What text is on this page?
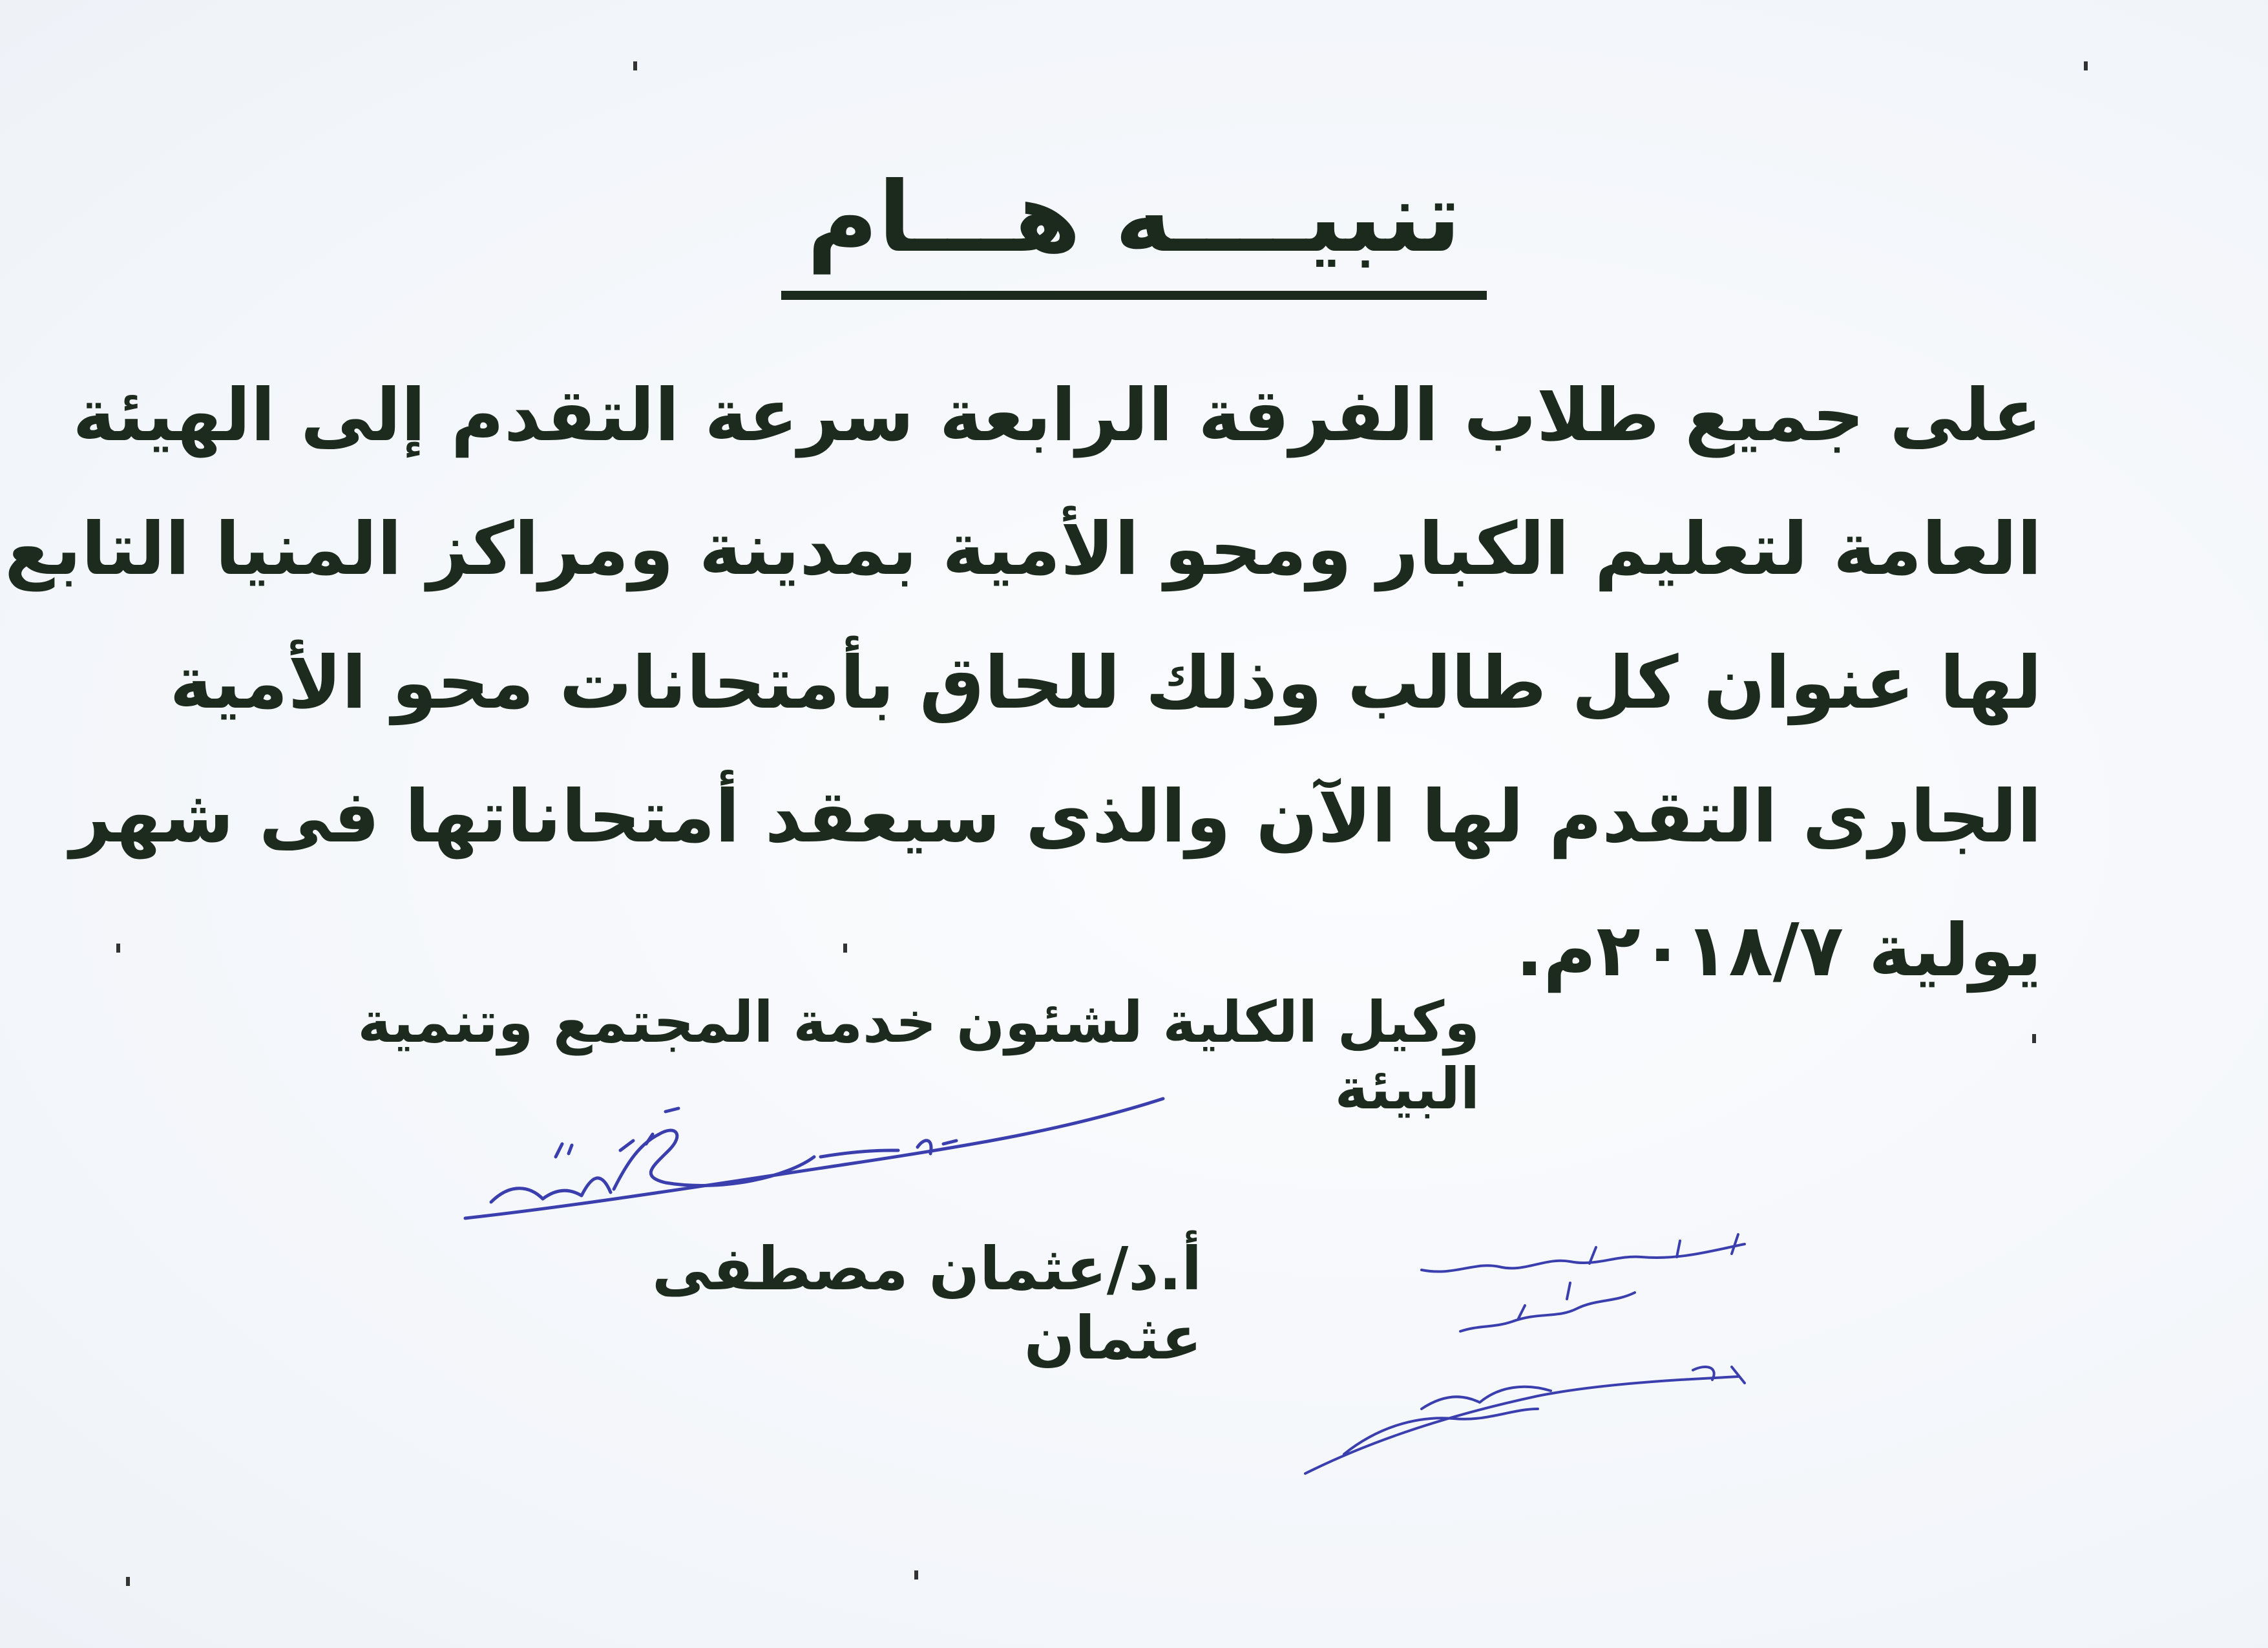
تنبيــــه هـــام
على جميع طلاب الفرقة الرابعة سرعة التقدم إلى الهيئة
العامة لتعليم الكبار ومحو الأمية بمدينة ومراكز المنيا التابع
لها عنوان كل طالب وذلك للحاق بأمتحانات محو الأمية
الجارى التقدم لها الآن والذى سيعقد أمتحاناتها فى شهر
يولية ٢٠١٨/٧م.
وكيل الكلية لشئون خدمة المجتمع وتنمية البيئة
أ.د/عثمان مصطفى عثمان
